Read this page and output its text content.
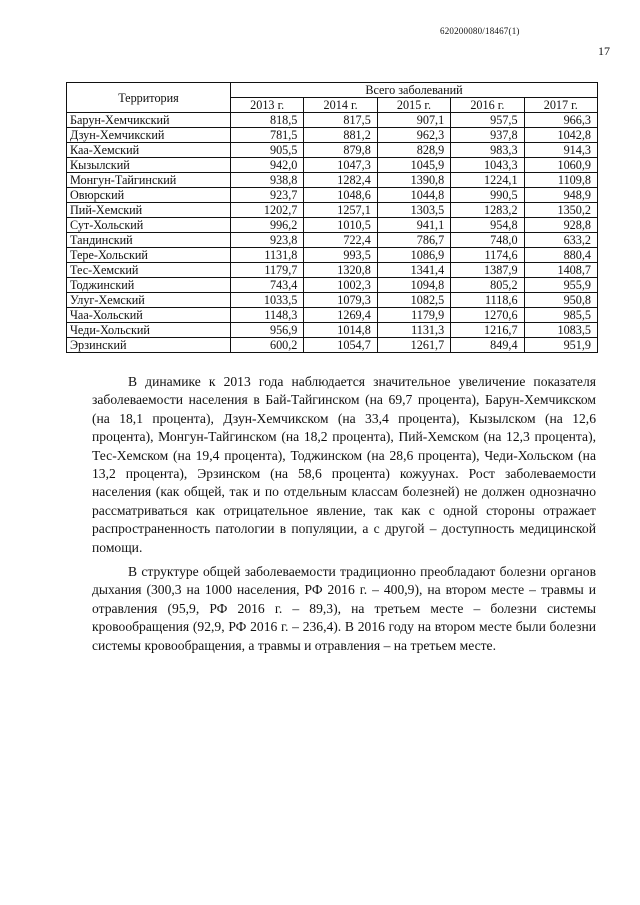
620200080/18467(1)
17
Территория	Всего заболеваний				
	2013 г.	2014 г.	2015 г.	2016 г.	2017 г.
Барун-Хемчикский	818,5	817,5	907,1	957,5	966,3
Дзун-Хемчикский	781,5	881,2	962,3	937,8	1042,8
Каа-Хемский	905,5	879,8	828,9	983,3	914,3
Кызылский	942,0	1047,3	1045,9	1043,3	1060,9
Монгун-Тайгинский	938,8	1282,4	1390,8	1224,1	1109,8
Овюрский	923,7	1048,6	1044,8	990,5	948,9
Пий-Хемский	1202,7	1257,1	1303,5	1283,2	1350,2
Сут-Хольский	996,2	1010,5	941,1	954,8	928,8
Тандинский	923,8	722,4	786,7	748,0	633,2
Тере-Хольский	1131,8	993,5	1086,9	1174,6	880,4
Тес-Хемский	1179,7	1320,8	1341,4	1387,9	1408,7
Тоджинский	743,4	1002,3	1094,8	805,2	955,9
Улуг-Хемский	1033,5	1079,3	1082,5	1118,6	950,8
Чаа-Хольский	1148,3	1269,4	1179,9	1270,6	985,5
Чеди-Хольский	956,9	1014,8	1131,3	1216,7	1083,5
Эрзинский	600,2	1054,7	1261,7	849,4	951,9

В динамике к 2013 года наблюдается значительное увеличение показателя заболеваемости населения в Бай-Тайгинском (на 69,7 процента), Барун-Хемчикском (на 18,1 процента), Дзун-Хемчикском (на 33,4 процента), Кызылском (на 12,6 процента), Монгун-Тайгинском (на 18,2 процента), Пий-Хемском (на 12,3 процента), Тес-Хемском (на 19,4 процента), Тоджинском (на 28,6 процента), Чеди-Хольском (на 13,2 процента), Эрзинском (на 58,6 процента) кожуунах. Рост заболеваемости населения (как общей, так и по отдельным классам болезней) не должен однозначно рассматриваться как отрицательное явление, так как с одной стороны отражает распространенность патологии в популяции, а с другой – доступность медицинской помощи.

В структуре общей заболеваемости традиционно преобладают болезни органов дыхания (300,3 на 1000 населения, РФ 2016 г. – 400,9), на втором месте – травмы и отравления (95,9, РФ 2016 г. – 89,3), на третьем месте – болезни системы кровообращения (92,9, РФ 2016 г. – 236,4). В 2016 году на втором месте были болезни системы кровообращения, а травмы и отравления – на третьем месте.
